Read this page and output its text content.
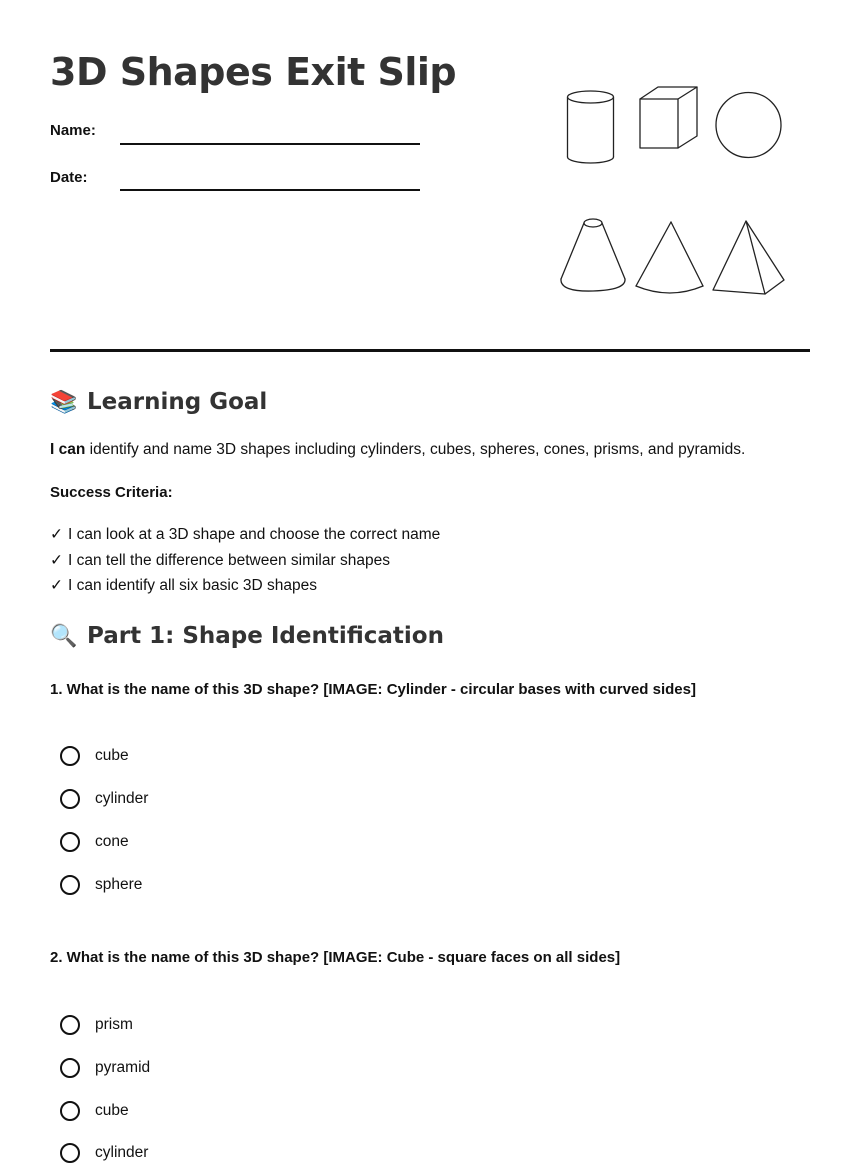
3D Shapes Exit Slip
Name:
Date:
📚 Learning Goal
I can identify and name 3D shapes including cylinders, cubes, spheres, cones, prisms, and pyramids.
Success Criteria:
✓ I can look at a 3D shape and choose the correct name
✓ I can tell the difference between similar shapes
✓ I can identify all six basic 3D shapes
🔍 Part 1: Shape Identification
1. What is the name of this 3D shape? [IMAGE: Cylinder - circular bases with curved sides]
cube
cylinder
cone
sphere
2. What is the name of this 3D shape? [IMAGE: Cube - square faces on all sides]
prism
pyramid
cube
cylinder
